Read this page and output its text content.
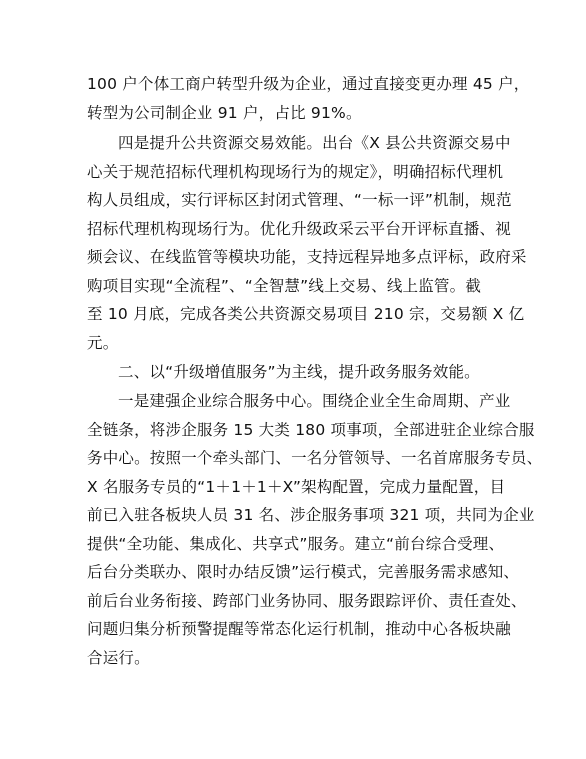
100 户个体工商户转型升级为企业，通过直接变更办理 45 户，
转型为公司制企业 91 户，占比 91%。

四是提升公共资源交易效能。出台《X 县公共资源交易中
心关于规范招标代理机构现场行为的规定》，明确招标代理机
构人员组成，实行评标区封闭式管理、“一标一评”机制，规范
招标代理机构现场行为。优化升级政采云平台开评标直播、视
频会议、在线监管等模块功能，支持远程异地多点评标，政府采
购项目实现“全流程”、“全智慧”线上交易、线上监管。截
至 10 月底，完成各类公共资源交易项目 210 宗，交易额 X 亿
元。

二、以“升级增值服务”为主线，提升政务服务效能。

一是建强企业综合服务中心。围绕企业全生命周期、产业
全链条，将涉企服务 15 大类 180 项事项，全部进驻企业综合服
务中心。按照一个牵头部门、一名分管领导、一名首席服务专员、
X 名服务专员的“1＋1＋1＋X”架构配置，完成力量配置，目
前已入驻各板块人员 31 名、涉企服务事项 321 项，共同为企业
提供“全功能、集成化、共享式”服务。建立“前台综合受理、
后台分类联办、限时办结反馈”运行模式，完善服务需求感知、
前后台业务衔接、跨部门业务协同、服务跟踪评价、责任查处、
问题归集分析预警提醒等常态化运行机制，推动中心各板块融
合运行。
